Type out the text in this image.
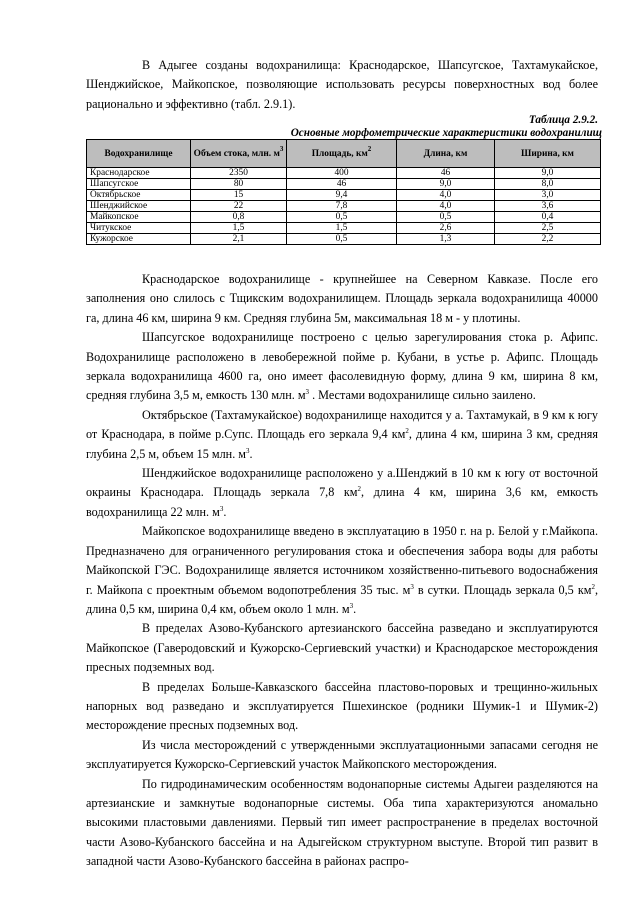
В Адыгее созданы водохранилища: Краснодарское, Шапсугское, Тахтамукайское, Шенджийское, Майкопское, позволяющие использовать ресурсы поверхностных вод более рационально и эффективно (табл. 2.9.1).

Таблица 2.9.2.
Основные морфометрические характеристики водохранилищ
Водохранилище	Объем стока, млн. $м^3$	Площадь, $км^2$	Длина, км	Ширина, км
Краснодарское	2350	400	46	9,0
Шапсугское	80	46	9,0	8,0
Октябрьское	15	9,4	4,0	3,0
Шенджийское	22	7,8	4,0	3,6
Майкопское	0,8	0,5	0,5	0,4
Читукское	1,5	1,5	2,6	2,5
Кужорское	2,1	0,5	1,3	2,2

Краснодарское водохранилище - крупнейшее на Северном Кавказе. После его заполнения оно слилось с Тщикским водохранилищем. Площадь зеркала водохранилища 40000 га, длина 46 км, ширина 9 км. Средняя глубина 5м, максимальная 18 м - у плотины.

Шапсугское водохранилище построено с целью зарегулирования стока р. Афипс. Водохранилище расположено в левобережной пойме р. Кубани, в устье р. Афипс. Площадь зеркала водохранилища 4600 га, оно имеет фасолевидную форму, длина 9 км, ширина 8 км, средняя глубина 3,5 м, емкость 130 млн. $м^3$ . Местами водохранилище сильно заилено.

Октябрьское (Тахтамукайское) водохранилище находится у а. Тахтамукай, в 9 км к югу от Краснодара, в пойме р.Супс. Площадь его зеркала 9,4 $км^2$, длина 4 км, ширина 3 км, средняя глубина 2,5 м, объем 15 млн. $м^3$.

Шенджийское водохранилище расположено у а.Шенджий в 10 км к югу от восточной окраины Краснодара. Площадь зеркала 7,8 $км^2$, длина 4 км, ширина 3,6 км, емкость водохранилища 22 млн. $м^3$.

Майкопское водохранилище введено в эксплуатацию в 1950 г. на р. Белой у г.Майкопа. Предназначено для ограниченного регулирования стока и обеспечения забора воды для работы Майкопской ГЭС. Водохранилище является источником хозяйственно-питьевого водоснабжения г. Майкопа с проектным объемом водопотребления 35 тыс. $м^3$ в сутки. Площадь зеркала 0,5 $км^2$, длина 0,5 км, ширина 0,4 км, объем около 1 млн. $м^3$.

В пределах Азово-Кубанского артезианского бассейна разведано и эксплуатируются Майкопское (Гаверодовский и Кужорско-Сергиевский участки) и Краснодарское месторождения пресных подземных вод.

В пределах Больше-Кавказского бассейна пластово-поровых и трещинно-жильных напорных вод разведано и эксплуатируется Пшехинское (родники Шумик-1 и Шумик-2) месторождение пресных подземных вод.

Из числа месторождений с утвержденными эксплуатационными запасами сегодня не эксплуатируется Кужорско-Сергиевский участок Майкопского месторождения.

По гидродинамическим особенностям водонапорные системы Адыгеи разделяются на артезианские и замкнутые водонапорные системы. Оба типа характеризуются аномально высокими пластовыми давлениями. Первый тип имеет распространение в пределах восточной части Азово-Кубанского бассейна и на Адыгейском структурном выступе. Второй тип развит в западной части Азово-Кубанского бассейна в районах распро-
